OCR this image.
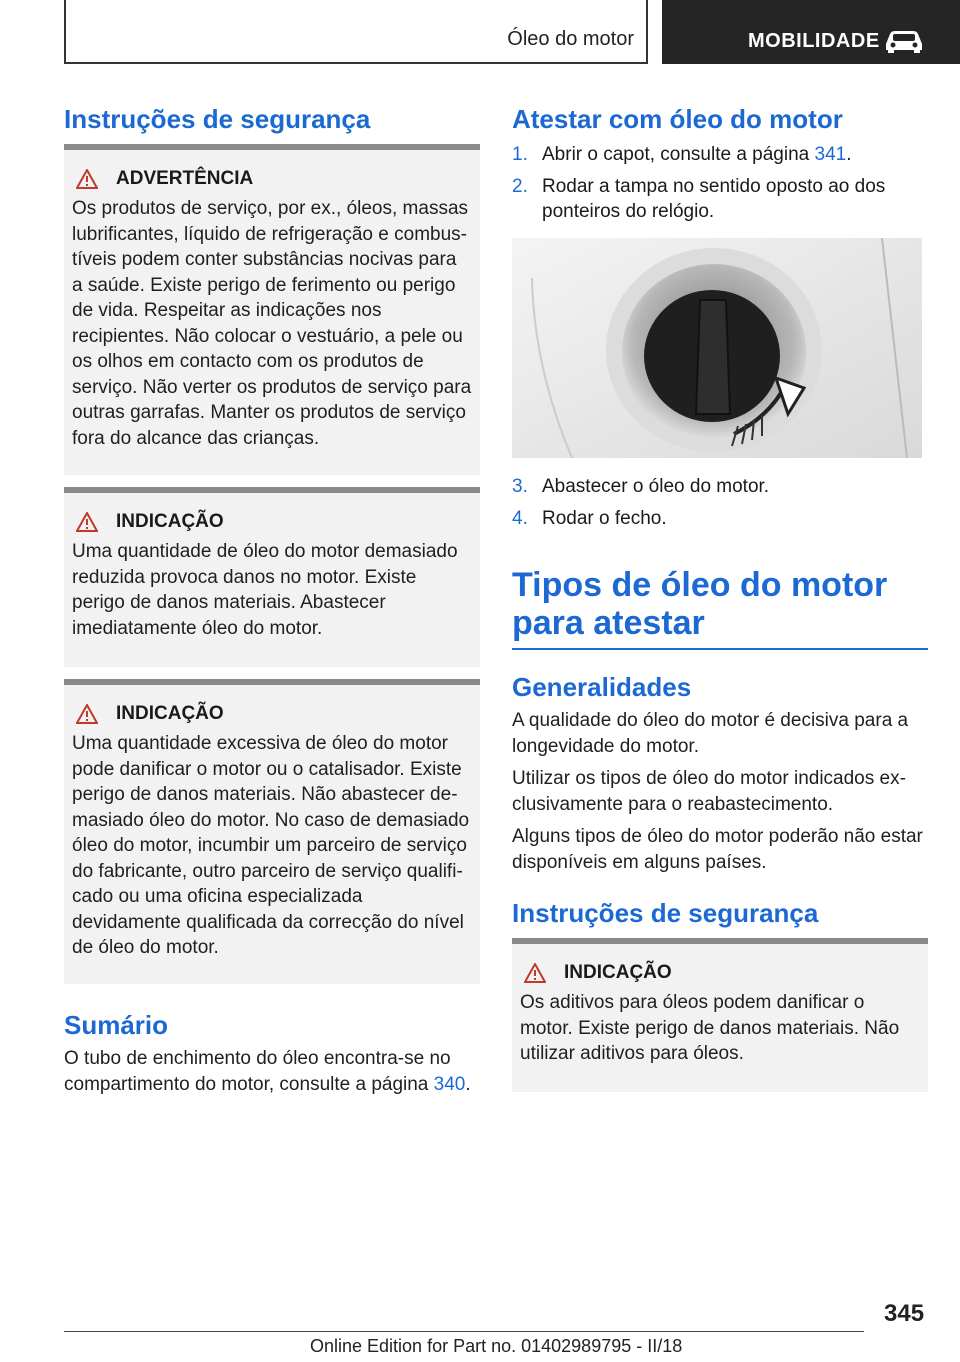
Óleo do motor	MOBILIDADE
Instruções de segurança
ADVERTÊNCIA

Os produtos de serviço, por ex., óleos, massas lubrificantes, líquido de refrigeração e combustíveis podem conter substâncias nocivas para a saúde. Existe perigo de ferimento ou perigo de vida. Respeitar as indicações nos recipientes. Não colocar o vestuário, a pele ou os olhos em contacto com os produtos de serviço. Não verter os produtos de serviço para outras garrafas. Manter os produtos de serviço fora do alcance das crianças.

INDICAÇÃO

Uma quantidade de óleo do motor demasiado reduzida provoca danos no motor. Existe perigo de danos materiais. Abastecer imediatamente óleo do motor.

INDICAÇÃO

Uma quantidade excessiva de óleo do motor pode danificar o motor ou o catalisador. Existe perigo de danos materiais. Não abastecer demasiado óleo do motor. No caso de demasiado óleo do motor, incumbir um parceiro de serviço do fabricante, outro parceiro de serviço qualificado ou uma oficina especializada devidamente qualificada da correcção do nível de óleo do motor.

Sumário

O tubo de enchimento do óleo encontra-se no compartimento do motor, consulte a página 340.

Atestar com óleo do motor
1. Abrir o capot, consulte a página 341.
2. Rodar a tampa no sentido oposto ao dos ponteiros do relógio.
3. Abastecer o óleo do motor.
4. Rodar o fecho.
Tipos de óleo do motor para atestar
Generalidades

A qualidade do óleo do motor é decisiva para a longevidade do motor.

Utilizar os tipos de óleo do motor indicados exclusivamente para o reabastecimento.

Alguns tipos de óleo do motor poderão não estar disponíveis em alguns países.

Instruções de segurança
INDICAÇÃO

Os aditivos para óleos podem danificar o motor. Existe perigo de danos materiais. Não utilizar aditivos para óleos.

345
Online Edition for Part no. 01402989795 - II/18
